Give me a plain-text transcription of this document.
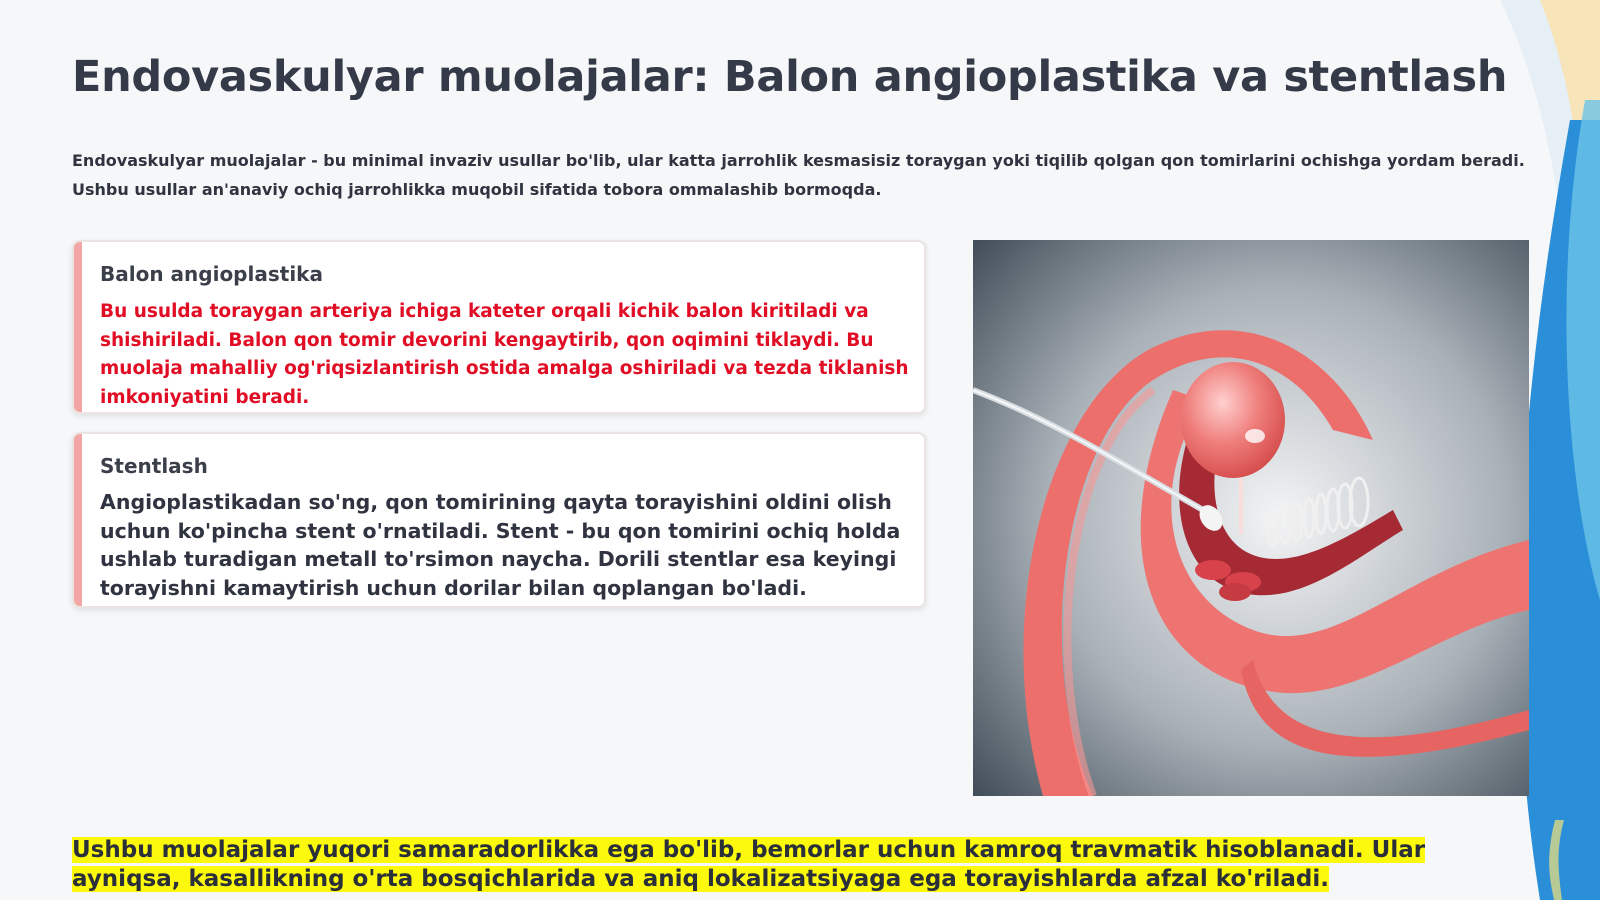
Endovaskulyar muolajalar: Balon angioplastika va stentlash

Endovaskulyar muolajalar - bu minimal invaziv usullar bo'lib, ular katta jarrohlik kesmasisiz toraygan yoki tiqilib qolgan qon tomirlarini ochishga yordam beradi. Ushbu usullar an'anaviy ochiq jarrohlikka muqobil sifatida tobora ommalashib bormoqda.

Balon angioplastika

Bu usulda toraygan arteriya ichiga kateter orqali kichik balon kiritiladi va shishiriladi. Balon qon tomir devorini kengaytirib, qon oqimini tiklaydi. Bu muolaja mahalliy og'riqsizlantirish ostida amalga oshiriladi va tezda tiklanish imkoniyatini beradi.

Stentlash

Angioplastikadan so'ng, qon tomirining qayta torayishini oldini olish uchun ko'pincha stent o'rnatiladi. Stent - bu qon tomirini ochiq holda ushlab turadigan metall to'rsimon naycha. Dorili stentlar esa keyingi torayishni kamaytirish uchun dorilar bilan qoplangan bo'ladi.

Ushbu muolajalar yuqori samaradorlikka ega bo'lib, bemorlar uchun kamroq travmatik hisoblanadi. Ular ayniqsa, kasallikning o'rta bosqichlarida va aniq lokalizatsiyaga ega torayishlarda afzal ko'riladi.
